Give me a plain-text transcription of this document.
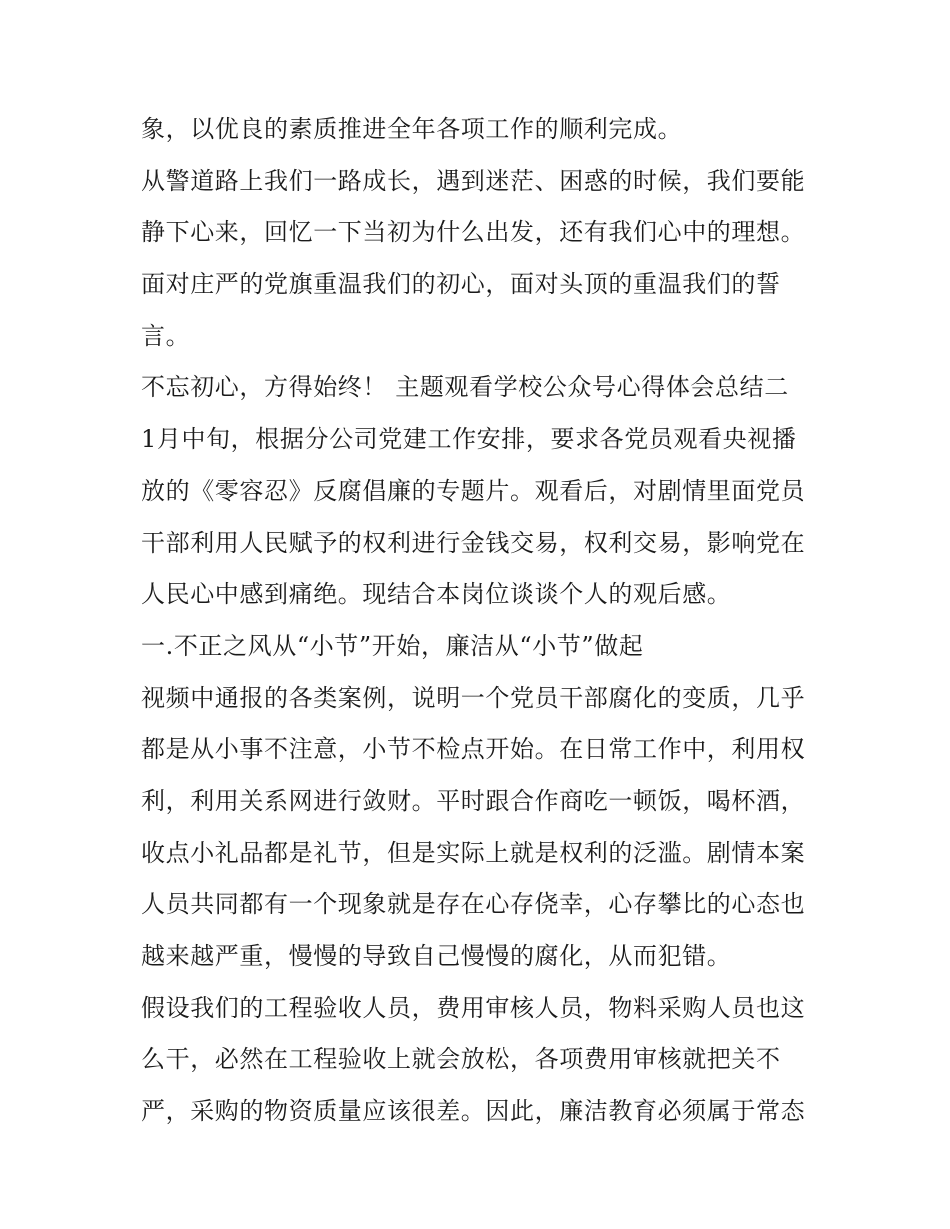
象，以优良的素质推进全年各项工作的顺利完成。
从警道路上我们一路成长，遇到迷茫、困惑的时候，我们要能
静下心来，回忆一下当初为什么出发，还有我们心中的理想。
面对庄严的党旗重温我们的初心，面对头顶的重温我们的誓
言。
不忘初心，方得始终！ 主题观看学校公众号心得体会总结二
1月中旬，根据分公司党建工作安排，要求各党员观看央视播
放的《零容忍》反腐倡廉的专题片。观看后，对剧情里面党员
干部利用人民赋予的权利进行金钱交易，权利交易，影响党在
人民心中感到痛绝。现结合本岗位谈谈个人的观后感。
一.不正之风从“小节”开始，廉洁从“小节”做起
视频中通报的各类案例，说明一个党员干部腐化的变质，几乎
都是从小事不注意，小节不检点开始。在日常工作中，利用权
利，利用关系网进行敛财。平时跟合作商吃一顿饭，喝杯酒，
收点小礼品都是礼节，但是实际上就是权利的泛滥。剧情本案
人员共同都有一个现象就是存在心存侥幸，心存攀比的心态也
越来越严重，慢慢的导致自己慢慢的腐化，从而犯错。
假设我们的工程验收人员，费用审核人员，物料采购人员也这
么干，必然在工程验收上就会放松，各项费用审核就把关不
严，采购的物资质量应该很差。因此，廉洁教育必须属于常态
